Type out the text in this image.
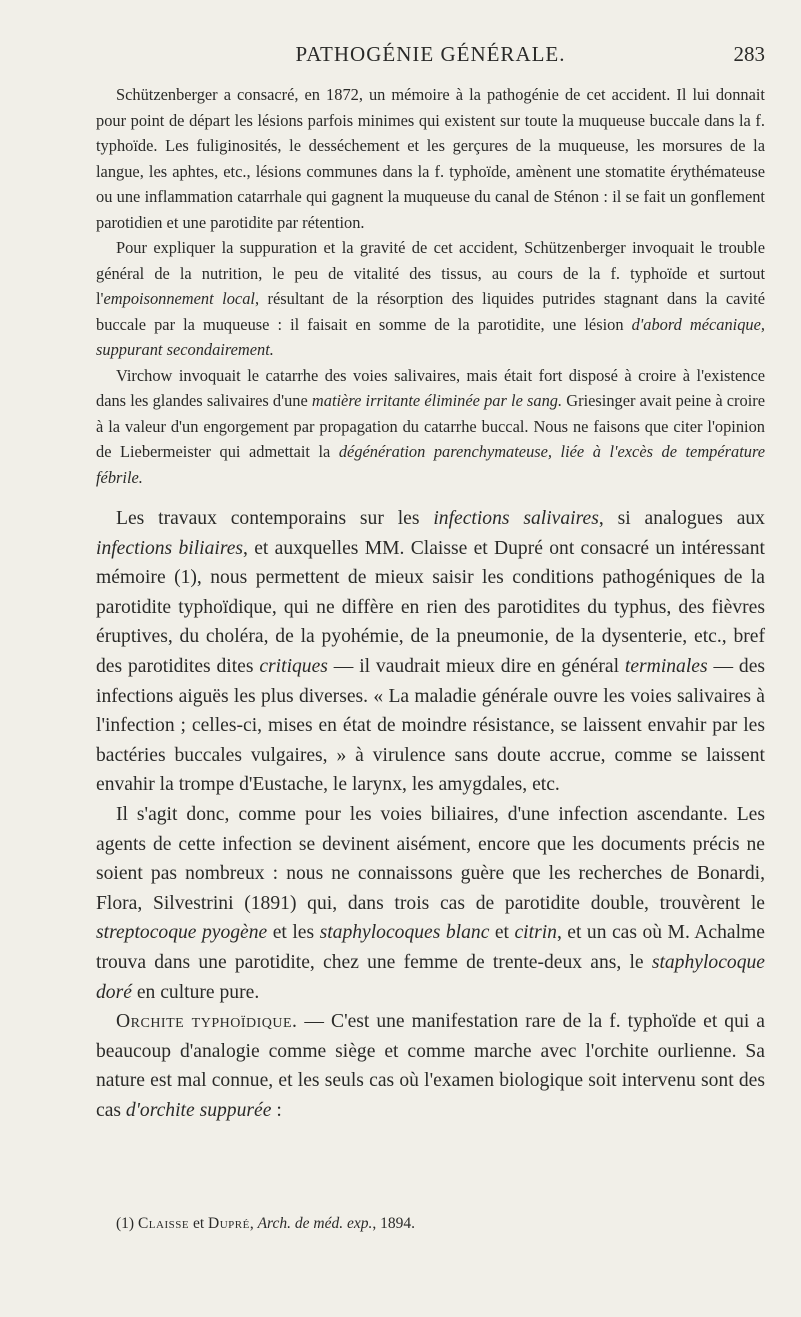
PATHOGÉNIE GÉNÉRALE.	283

Schützenberger a consacré, en 1872, un mémoire à la pathogénie de cet accident. Il lui donnait pour point de départ les lésions parfois minimes qui existent sur toute la muqueuse buccale dans la f. typhoïde. Les fuliginosités, le desséchement et les gerçures de la muqueuse, les morsures de la langue, les aphtes, etc., lésions communes dans la f. typhoïde, amènent une stomatite érythémateuse ou une inflammation catarrhale qui gagnent la muqueuse du canal de Sténon : il se fait un gonflement parotidien et une parotidite par rétention.

Pour expliquer la suppuration et la gravité de cet accident, Schützenberger invoquait le trouble général de la nutrition, le peu de vitalité des tissus, au cours de la f. typhoïde et surtout l'empoisonnement local, résultant de la résorption des liquides putrides stagnant dans la cavité buccale par la muqueuse : il faisait en somme de la parotidite, une lésion d'abord mécanique, suppurant secondairement.

Virchow invoquait le catarrhe des voies salivaires, mais était fort disposé à croire à l'existence dans les glandes salivaires d'une matière irritante éliminée par le sang. Griesinger avait peine à croire à la valeur d'un engorgement par propagation du catarrhe buccal. Nous ne faisons que citer l'opinion de Liebermeister qui admettait la dégénération parenchymateuse, liée à l'excès de température fébrile.

Les travaux contemporains sur les infections salivaires, si analogues aux infections biliaires, et auxquelles MM. Claisse et Dupré ont consacré un intéressant mémoire (1), nous permettent de mieux saisir les conditions pathogéniques de la parotidite typhoïdique, qui ne diffère en rien des parotidites du typhus, des fièvres éruptives, du choléra, de la pyohémie, de la pneumonie, de la dysenterie, etc., bref des parotidites dites critiques — il vaudrait mieux dire en général terminales — des infections aiguës les plus diverses. « La maladie générale ouvre les voies salivaires à l'infection ; celles-ci, mises en état de moindre résistance, se laissent envahir par les bactéries buccales vulgaires, » à virulence sans doute accrue, comme se laissent envahir la trompe d'Eustache, le larynx, les amygdales, etc.

Il s'agit donc, comme pour les voies biliaires, d'une infection ascendante. Les agents de cette infection se devinent aisément, encore que les documents précis ne soient pas nombreux : nous ne connaissons guère que les recherches de Bonardi, Flora, Silvestrini (1891) qui, dans trois cas de parotidite double, trouvèrent le streptocoque pyogène et les staphylocoques blanc et citrin, et un cas où M. Achalme trouva dans une parotidite, chez une femme de trente-deux ans, le staphylocoque doré en culture pure.

Orchite typhoïdique. — C'est une manifestation rare de la f. typhoïde et qui a beaucoup d'analogie comme siège et comme marche avec l'orchite ourlienne. Sa nature est mal connue, et les seuls cas où l'examen biologique soit intervenu sont des cas d'orchite suppurée :

(1) Claisse et Dupré, Arch. de méd. exp., 1894.
